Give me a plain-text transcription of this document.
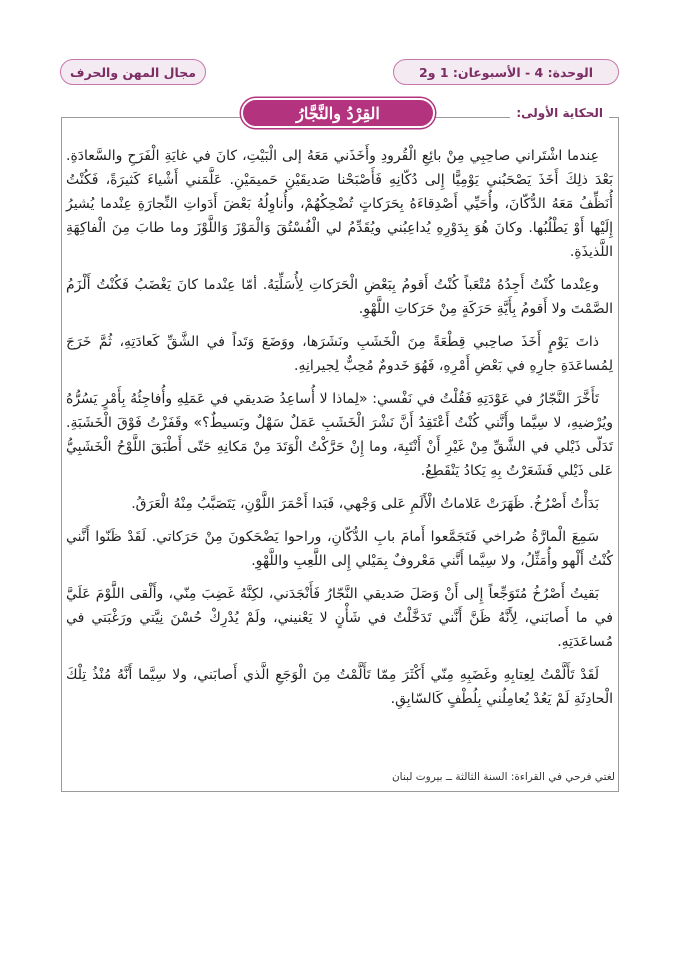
الوحدة: 4 - الأسبوعان: 1 و2
مجال المهن والحرف
الحكاية الأولى:
القِرْدُ والنَّجَّارُ

عِندما اشْتَراني صاحِبِي مِنْ بائِعِ الْقُرودِ وأَخَذَني مَعَهُ إلى الْبَيْتِ، كانَ في غايَةِ الْفَرَحِ والسَّعادَةِ. بَعْدَ ذلِكَ أَخَذَ يَصْحَبُني يَوْمِيًّا إِلى دُكّانِهِ فَأَصْبَحْنا صَديقَيْنِ حَميمَيْنِ. عَلَّمَني أَشْياءَ كَثيرَةً، فَكُنْتُ أُنَظِّفُ مَعَهُ الدُّكّانَ، وأُحَيِّي أَصْدِقاءَهُ بِحَرَكاتٍ تُضْحِكُهُمْ، وأُناوِلُهُ بَعْضَ أَدَواتِ النِّجارَةِ عِنْدما يُشيرُ إِلَيْها أَوْ يَطْلُبُها. وكانَ هُوَ بِدَوْرِهِ يُداعِبُني ويُقَدِّمُ لي الْفُسْتُقَ وَالْمَوْزَ وَاللَّوْزَ وما طابَ مِنَ الْفاكِهَةِ اللَّذيذَةِ.

وعِنْدما كُنْتُ أَجِدُهُ مُتْعَباً كُنْتُ أَقومُ بِبَعْضِ الْحَرَكاتِ لِأُسَلِّيَهُ. أمّا عِنْدما كانَ يَغْضَبُ فَكُنْتُ أَلْزَمُ الصَّمْتَ ولا أَقومُ بِأَيَّةِ حَرَكَةٍ مِنْ حَرَكاتِ اللَّهْوِ.

ذاتَ يَوْمٍ أَخَذَ صاحِبي قِطْعَةً مِنَ الْخَشَبِ ونَشَرَها، ووَضَعَ وَتَداً في الشَّقِّ كَعادَتِهِ، ثُمَّ خَرَجَ لِمُساعَدَةِ جارِهِ في بَعْضِ أَمْرِهِ، فَهُوَ خَدومٌ مُحِبٌّ لِجيرانِهِ.

تَأَخَّرَ النَّجّارُ في عَوْدَتِهِ فَقُلْتُ في نَفْسي: «لِماذا لا أُساعِدُ صَديقي في عَمَلِهِ وأُفاجِئُهُ بِأَمْرٍ يَسُرُّهُ ويُرْضيهِ، لا سِيَّما وأَنَّني كُنْتُ أَعْتَقِدُ أَنَّ نَشْرَ الْخَشَبِ عَمَلٌ سَهْلٌ وبَسيطٌ؟» وقَفَزْتُ فَوْقَ الْخَشَبَةِ. تَدَلّى ذَيْلي في الشَّقِّ مِنْ غَيْرِ أَنْ أَنْتَبِهَ، وما إِنْ حَرَّكْتُ الْوَتَدَ مِنْ مَكانِهِ حَتّى أَطْبَقَ اللَّوْحُ الْخَشَبِيُّ عَلى ذَيْلي فَشَعَرْتُ بِهِ يَكادُ يَنْقَطِعُ.

بَدَأْتُ أَصْرُخُ. ظَهَرَتْ عَلاماتُ الْأَلَمِ عَلى وَجْهي، فَبَدا أَحْمَرَ اللَّوْنِ، يَتَصَبَّبُ مِنْهُ الْعَرَقُ.

سَمِعَ الْمارَّةُ صُراخي فَتَجَمَّعوا أَمامَ بابِ الدُّكّانِ، وراحوا يَضْحَكونَ مِنْ حَرَكاتي. لَقَدْ ظَنّوا أَنَّني كُنْتُ أَلْهو وأُمَثِّلُ، ولا سِيَّما أَنَّني مَعْروفٌ بِمَيْلي إِلى اللَّعِبِ واللَّهْوِ.

بَقيتُ أَصْرُخُ مُتَوَجِّعاً إِلى أَنْ وَصَلَ صَديقي النَّجّارُ فَأَنْجَدَني، لكِنَّهُ غَضِبَ مِنّي، وأَلْقى اللَّوْمَ عَلَيَّ في ما أَصابَني، لِأَنَّهُ ظَنَّ أَنَّني تَدَخَّلْتُ في شَأْنٍ لا يَعْنيني، ولَمْ يُدْرِكْ حُسْنَ نِيَّتي ورَغْبَتي في مُساعَدَتِهِ.

لَقَدْ تَأَلَّمْتُ لِعِتابِهِ وغَضَبِهِ مِنّي أَكْثَرَ مِمّا تَأَلَّمْتُ مِنَ الْوَجَعِ الَّذي أَصابَني، ولا سِيَّما أَنَّهُ مُنْذُ تِلْكَ الْحادِثَةِ لَمْ يَعُدْ يُعامِلُني بِلُطْفٍ كَالسّابِقِ.

لغتي فرحي في القراءة: السنة الثالثة ــ بيروت لبنان
